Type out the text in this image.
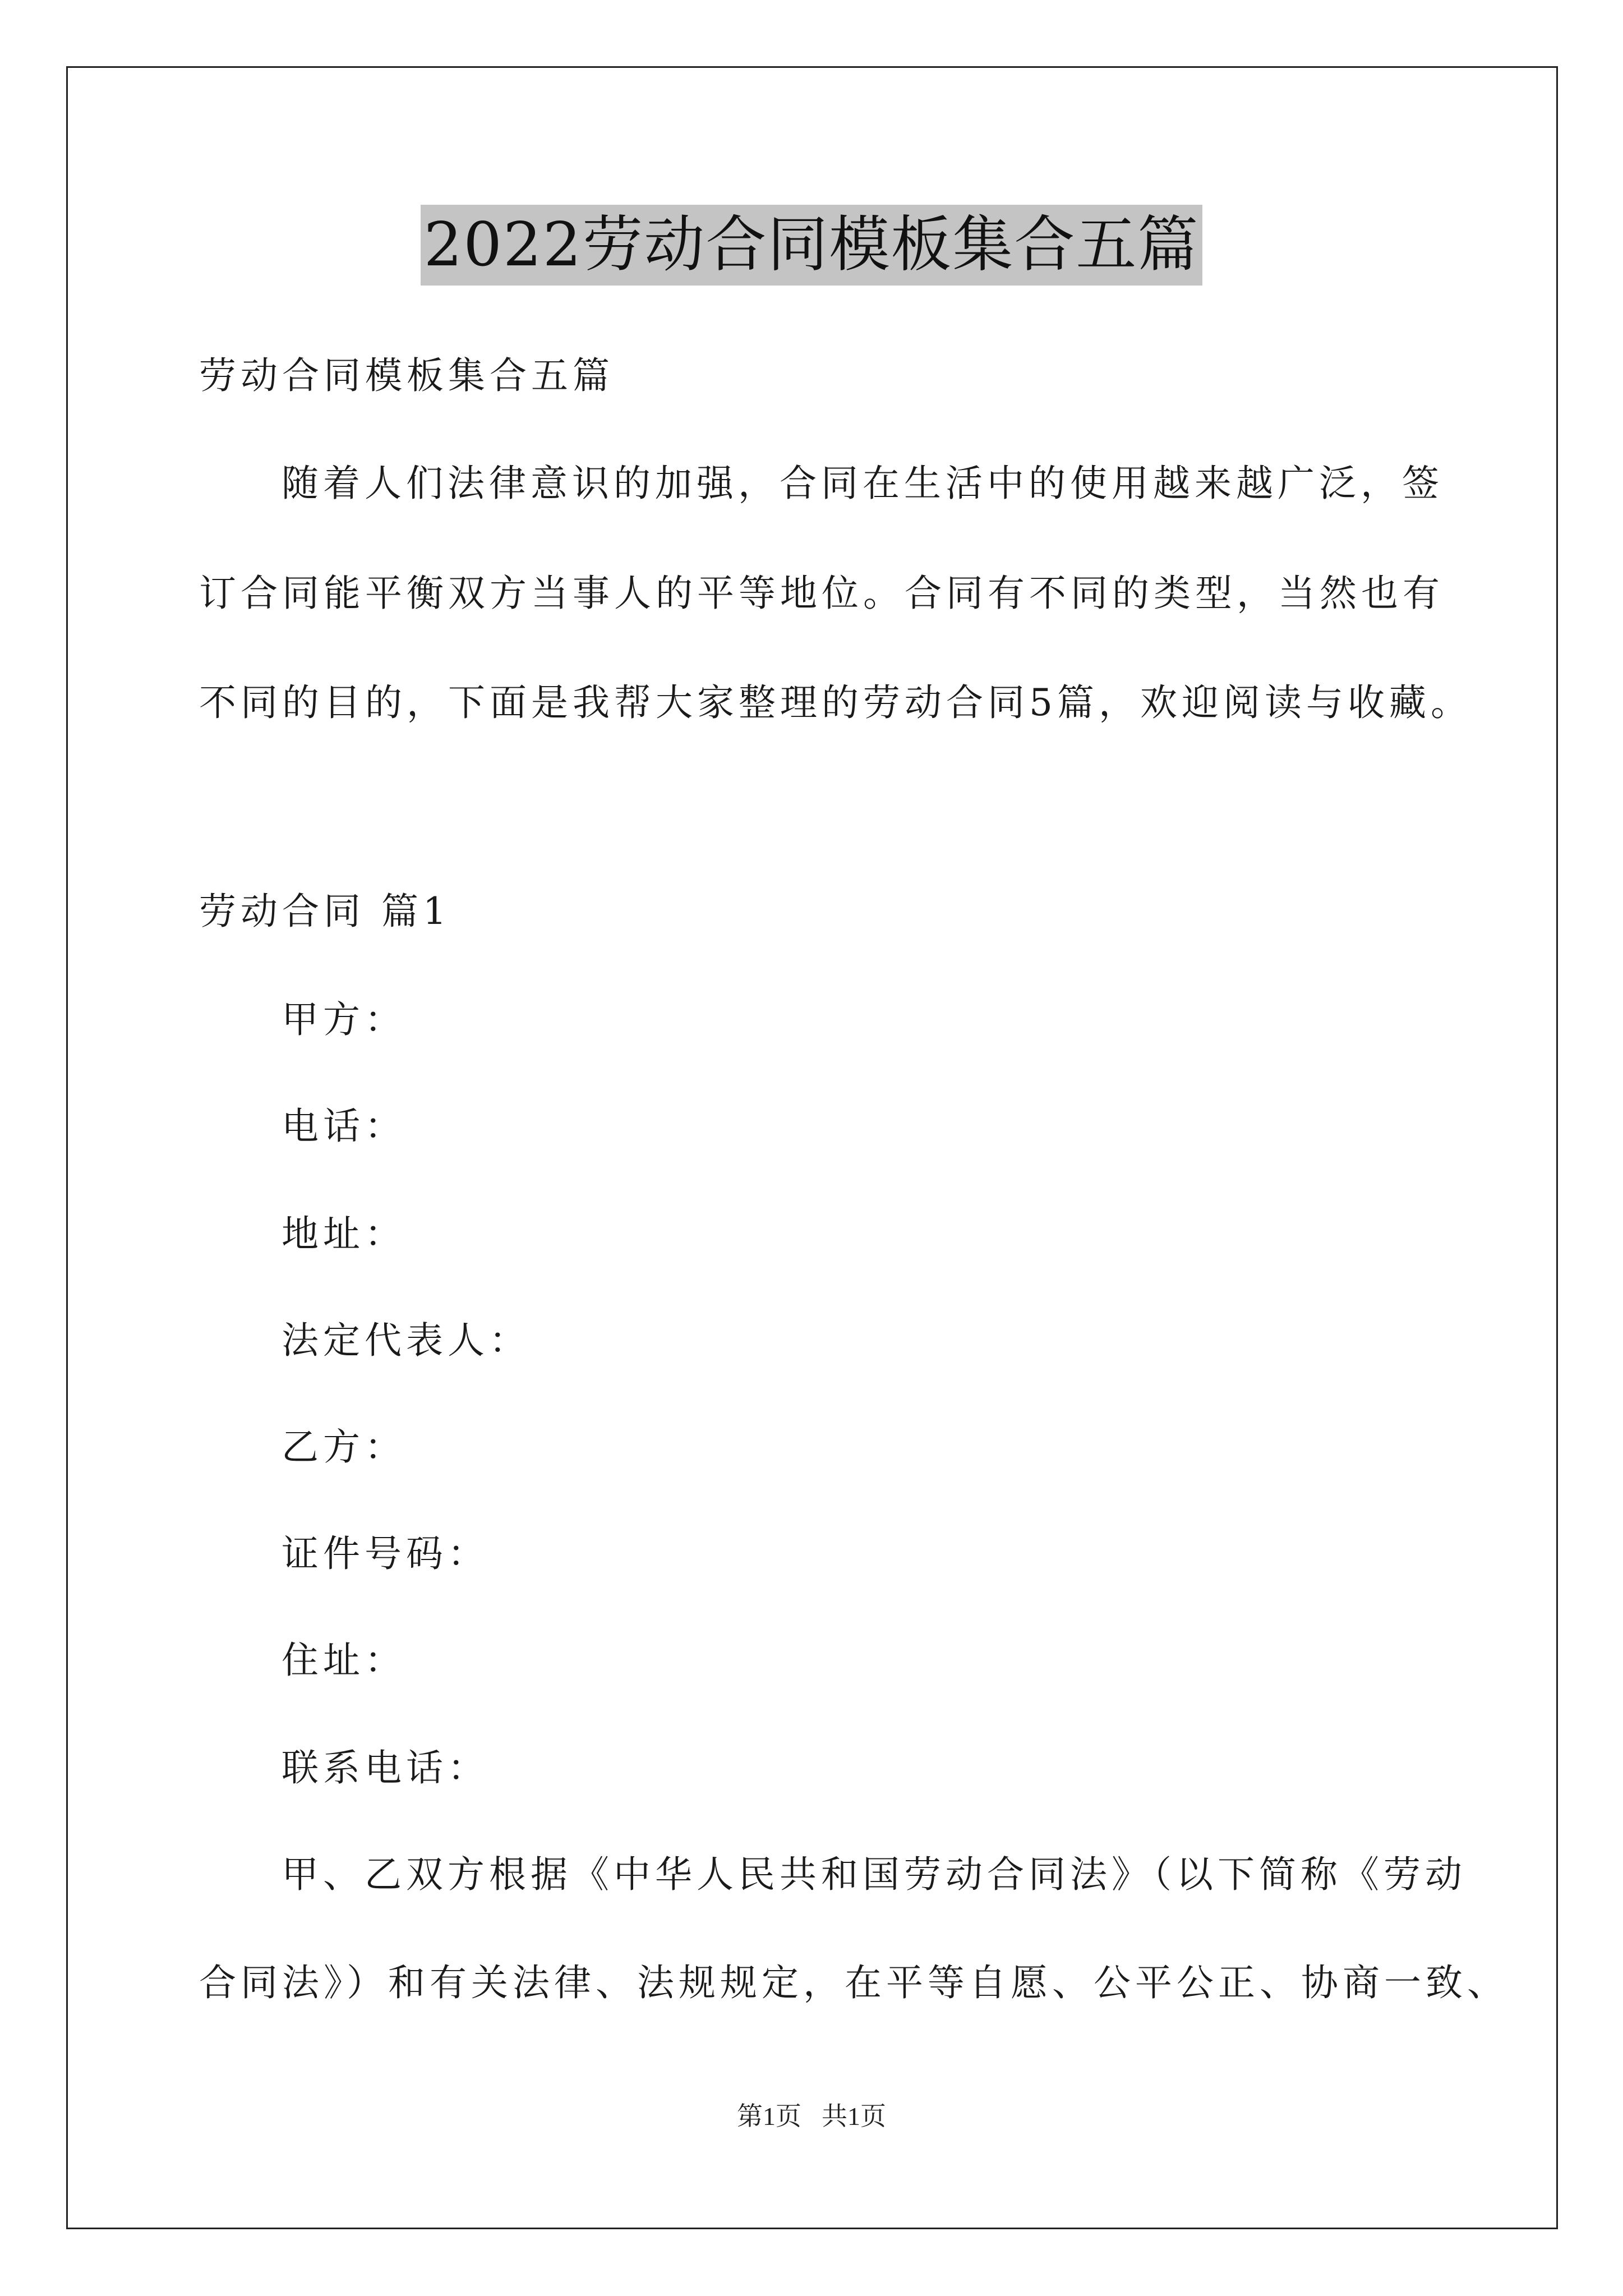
2022劳动合同模板集合五篇
劳动合同模板集合五篇
随着人们法律意识的加强，合同在生活中的使用越来越广泛，签
订合同能平衡双方当事人的平等地位。合同有不同的类型，当然也有
不同的目的，下面是我帮大家整理的劳动合同5篇，欢迎阅读与收藏。
劳动合同 篇1
甲方：
电话：
地址：
法定代表人：
乙方：
证件号码：
住址：
联系电话：
甲、乙双方根据《中华人民共和国劳动合同法》（以下简称《劳动
合同法》）和有关法律、法规规定，在平等自愿、公平公正、协商一致、
第1页 共1页
